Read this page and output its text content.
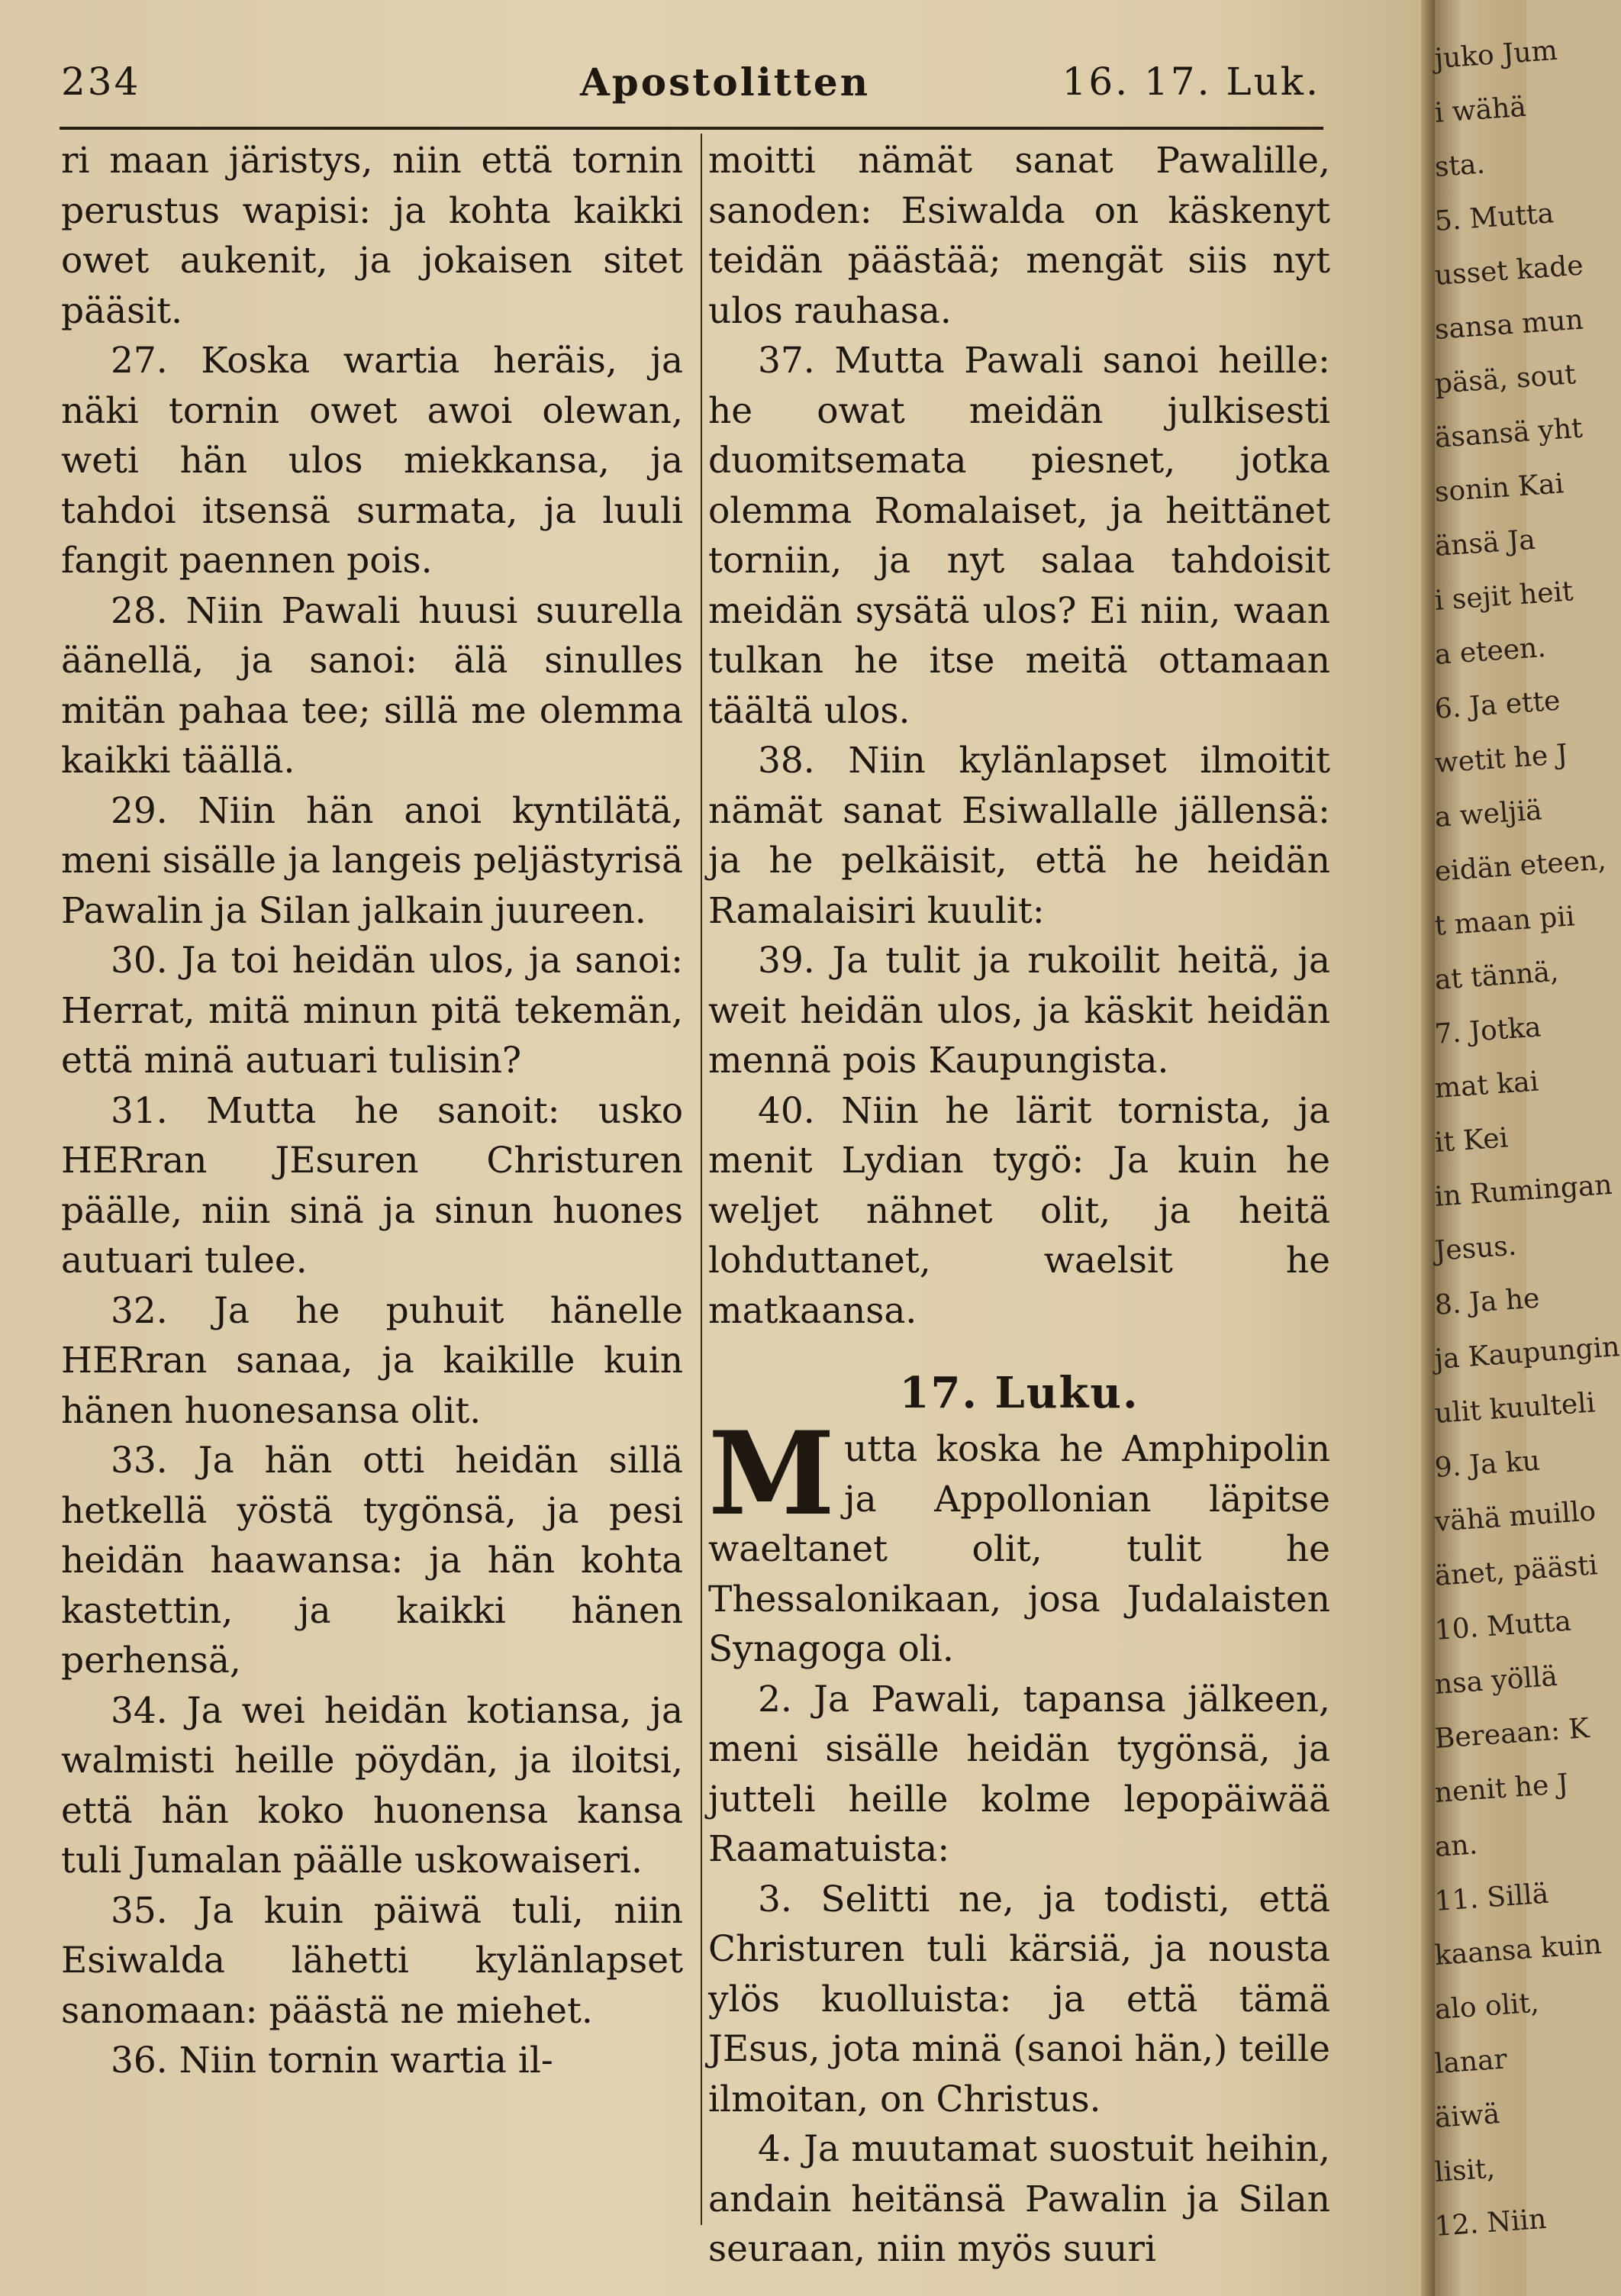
juko Jum
i wähä
sta.
5. Mutta
usset kade
sansa mun
päsä, sout
äsansä yht
sonin Kai
änsä Ja
i sejit heit
a eteen.
6. Ja ette
wetit he J
a weljiä
eidän eteen,
t maan pii
at tännä,
7. Jotka
mat kai
it Kei
in Rumingan
Jesus.
8. Ja he
ja Kaupungin
ulit kuulteli
9. Ja ku
vähä muillo
änet, päästi
10. Mutta
nsa yöllä
Bereaan: K
nenit he J
an.
11. Sillä
kaansa kuin
alo olit,
lanar
äiwä
lisit,
12. Niin
234	Apostolitten	16. 17. Luk.

ri maan järistys, niin että tornin perustus wapisi: ja kohta kaikki owet aukenit, ja jokaisen sitet pääsit.

27. Koska wartia heräis, ja näki tornin owet awoi olewan, weti hän ulos miekkansa, ja tahdoi itsensä surmata, ja luuli fangit paennen pois.

28. Niin Pawali huusi suurella äänellä, ja sanoi: älä sinulles mitän pahaa tee; sillä me olemma kaikki täällä.

29. Niin hän anoi kyntilätä, meni sisälle ja langeis peljästyrisä Pawalin ja Silan jalkain juureen.

30. Ja toi heidän ulos, ja sanoi: Herrat, mitä minun pitä tekemän, että minä autuari tulisin?

31. Mutta he sanoit: usko HERran JEsuren Christuren päälle, niin sinä ja sinun huones autuari tulee.

32. Ja he puhuit hänelle HERran sanaa, ja kaikille kuin hänen huonesansa olit.

33. Ja hän otti heidän sillä hetkellä yöstä tygönsä, ja pesi heidän haawansa: ja hän kohta kastettin, ja kaikki hänen perhensä,

34. Ja wei heidän kotiansa, ja walmisti heille pöydän, ja iloitsi, että hän koko huonensa kansa tuli Jumalan päälle uskowaiseri.

35. Ja kuin päiwä tuli, niin Esiwalda lähetti kylänlapset sanomaan: päästä ne miehet.

36. Niin tornin wartia il-

moitti nämät sanat Pawalille, sanoden: Esiwalda on käskenyt teidän päästää; mengät siis nyt ulos rauhasa.

37. Mutta Pawali sanoi heille: he owat meidän julkisesti duomitsemata piesnet, jotka olemma Romalaiset, ja heittänet torniin, ja nyt salaa tahdoisit meidän sysätä ulos? Ei niin, waan tulkan he itse meitä ottamaan täältä ulos.

38. Niin kylänlapset ilmoitit nämät sanat Esiwallalle jällensä: ja he pelkäisit, että he heidän Ramalaisiri kuulit:

39. Ja tulit ja rukoilit heitä, ja weit heidän ulos, ja käskit heidän mennä pois Kaupungista.

40. Niin he lärit tornista, ja menit Lydian tygö: Ja kuin he weljet nähnet olit, ja heitä lohduttanet, waelsit he matkaansa.

17. Luku.
M utta koska he Amphipolin ja Appollonian läpitse waeltanet olit, tulit he Thessalonikaan, josa Judalaisten Synagoga oli.

2. Ja Pawali, tapansa jälkeen, meni sisälle heidän tygönsä, ja jutteli heille kolme lepopäiwää Raamatuista:

3. Selitti ne, ja todisti, että Christuren tuli kärsiä, ja nousta ylös kuolluista: ja että tämä JEsus, jota minä (sanoi hän,) teille ilmoitan, on Christus.

4. Ja muutamat suostuit heihin, andain heitänsä Pawalin ja Silan seuraan, niin myös suuri
